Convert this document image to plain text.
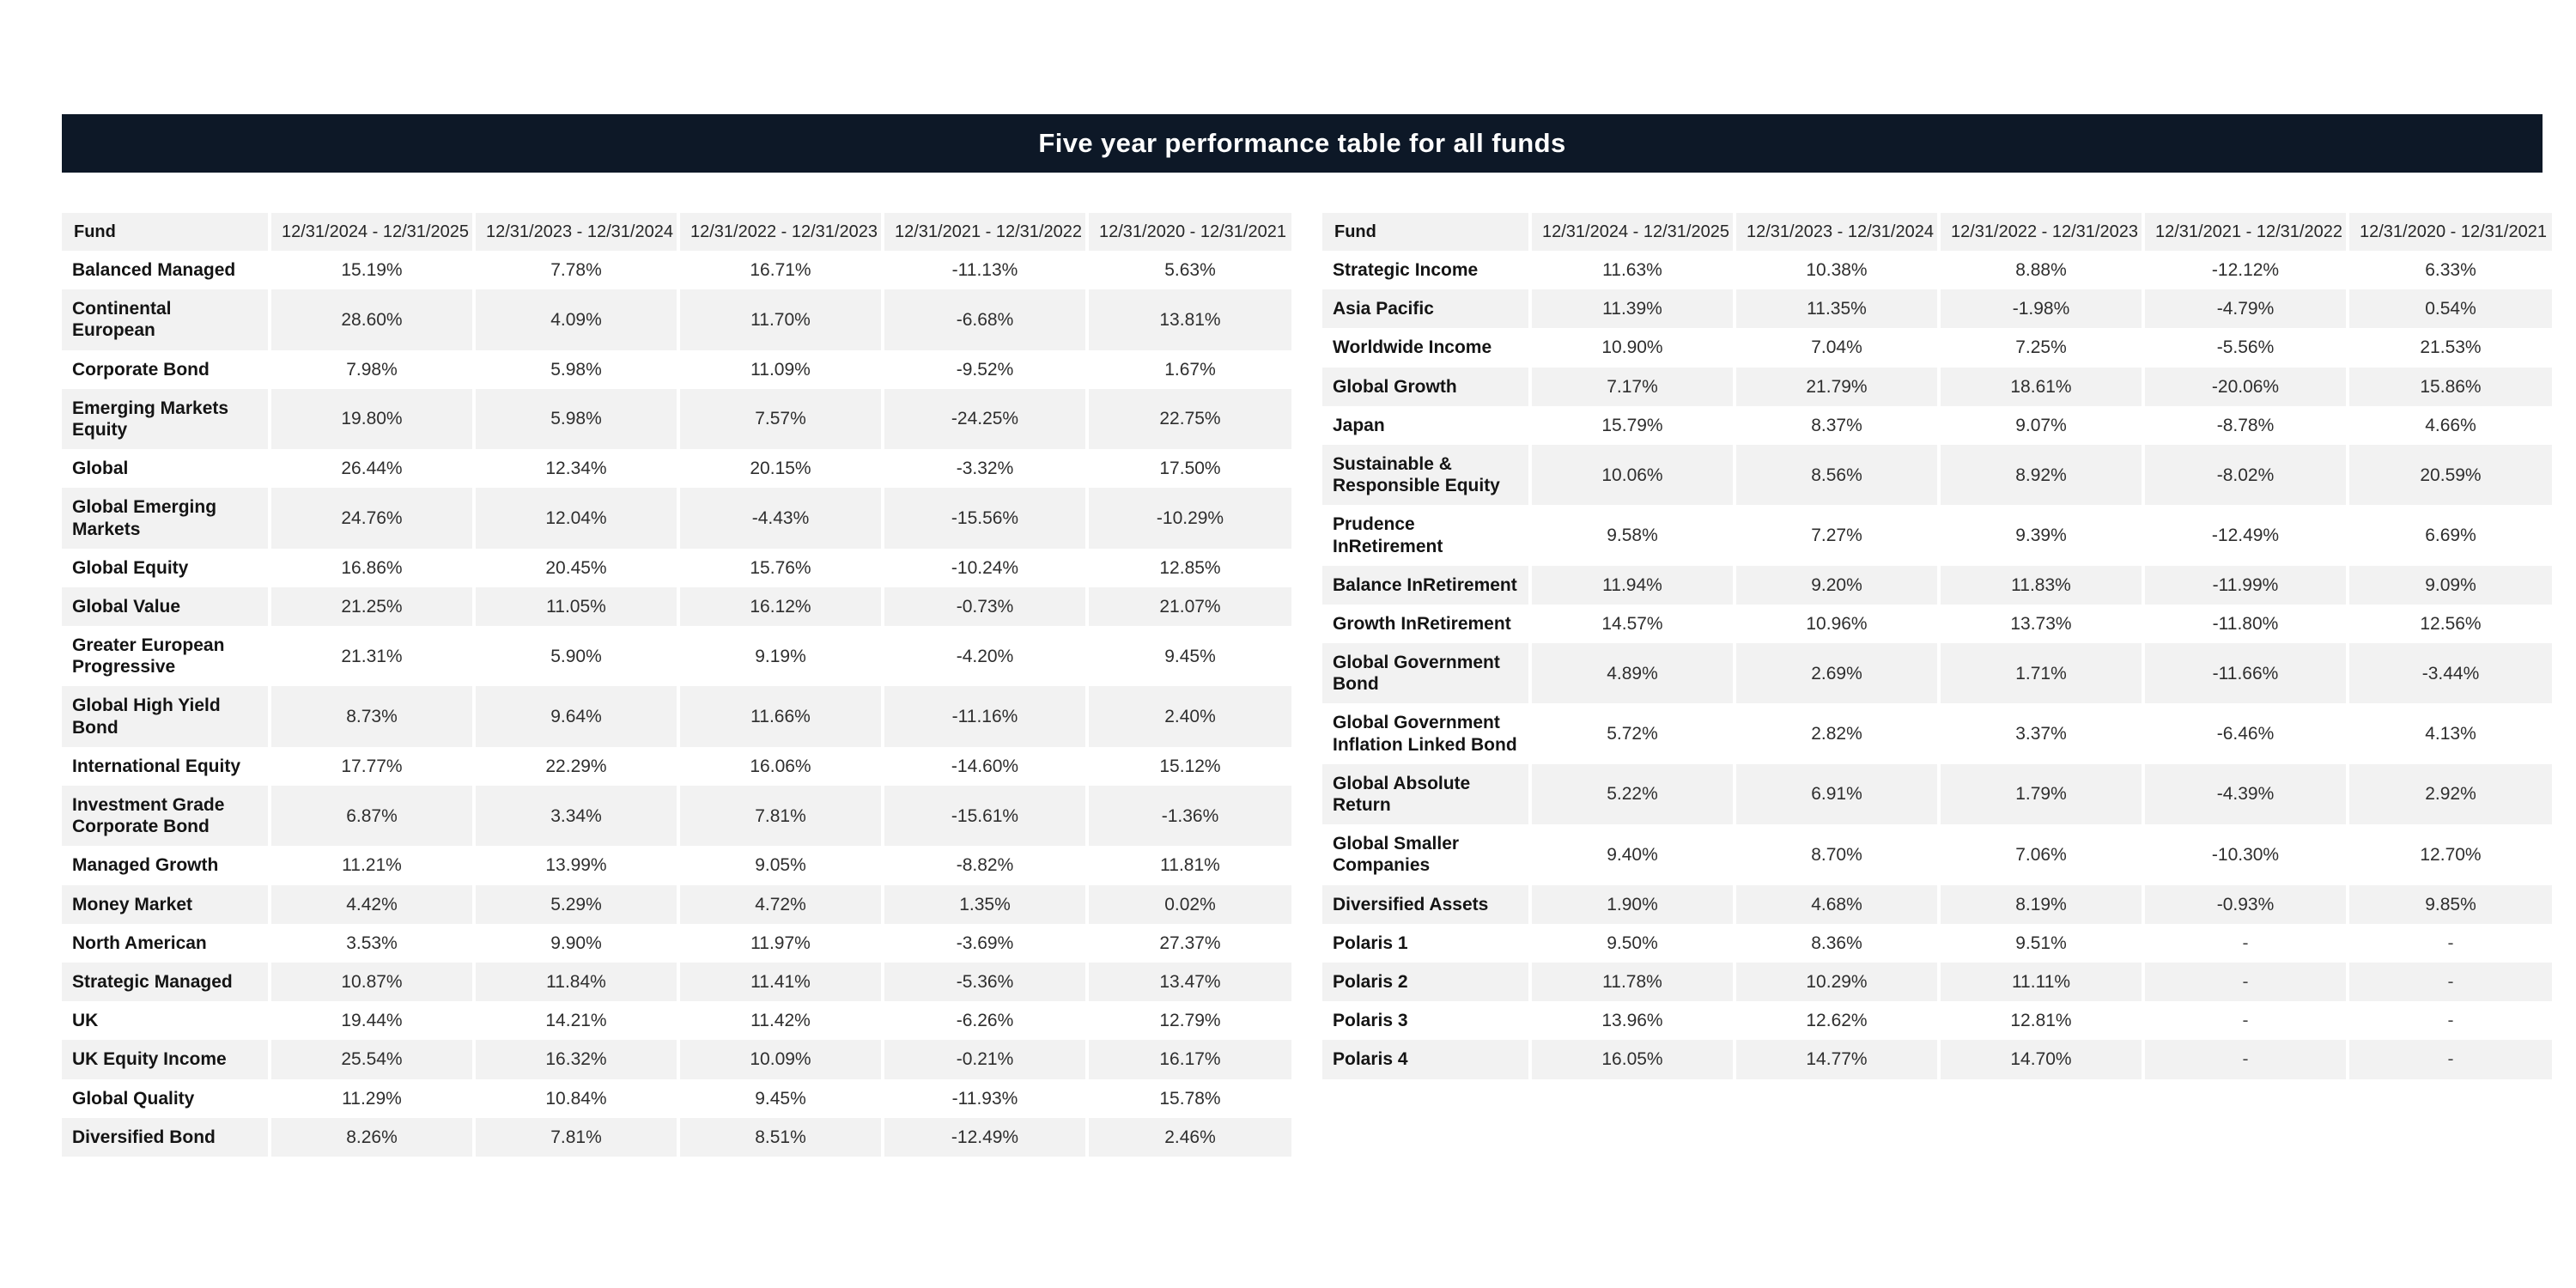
Five year performance table for all funds
Fund	12/31/2024 - 12/31/2025	12/31/2023 - 12/31/2024	12/31/2022 - 12/31/2023	12/31/2021 - 12/31/2022	12/31/2020 - 12/31/2021
Balanced Managed	15.19%	7.78%	16.71%	-11.13%	5.63%
Continental European	28.60%	4.09%	11.70%	-6.68%	13.81%
Corporate Bond	7.98%	5.98%	11.09%	-9.52%	1.67%
Emerging Markets Equity	19.80%	5.98%	7.57%	-24.25%	22.75%
Global	26.44%	12.34%	20.15%	-3.32%	17.50%
Global Emerging Markets	24.76%	12.04%	-4.43%	-15.56%	-10.29%
Global Equity	16.86%	20.45%	15.76%	-10.24%	12.85%
Global Value	21.25%	11.05%	16.12%	-0.73%	21.07%
Greater European Progressive	21.31%	5.90%	9.19%	-4.20%	9.45%
Global High Yield Bond	8.73%	9.64%	11.66%	-11.16%	2.40%
International Equity	17.77%	22.29%	16.06%	-14.60%	15.12%
Investment Grade Corporate Bond	6.87%	3.34%	7.81%	-15.61%	-1.36%
Managed Growth	11.21%	13.99%	9.05%	-8.82%	11.81%
Money Market	4.42%	5.29%	4.72%	1.35%	0.02%
North American	3.53%	9.90%	11.97%	-3.69%	27.37%
Strategic Managed	10.87%	11.84%	11.41%	-5.36%	13.47%
UK	19.44%	14.21%	11.42%	-6.26%	12.79%
UK Equity Income	25.54%	16.32%	10.09%	-0.21%	16.17%
Global Quality	11.29%	10.84%	9.45%	-11.93%	15.78%
Diversified Bond	8.26%	7.81%	8.51%	-12.49%	2.46%
Fund	12/31/2024 - 12/31/2025	12/31/2023 - 12/31/2024	12/31/2022 - 12/31/2023	12/31/2021 - 12/31/2022	12/31/2020 - 12/31/2021
Strategic Income	11.63%	10.38%	8.88%	-12.12%	6.33%
Asia Pacific	11.39%	11.35%	-1.98%	-4.79%	0.54%
Worldwide Income	10.90%	7.04%	7.25%	-5.56%	21.53%
Global Growth	7.17%	21.79%	18.61%	-20.06%	15.86%
Japan	15.79%	8.37%	9.07%	-8.78%	4.66%
Sustainable & Responsible Equity	10.06%	8.56%	8.92%	-8.02%	20.59%
Prudence InRetirement	9.58%	7.27%	9.39%	-12.49%	6.69%
Balance InRetirement	11.94%	9.20%	11.83%	-11.99%	9.09%
Growth InRetirement	14.57%	10.96%	13.73%	-11.80%	12.56%
Global Government Bond	4.89%	2.69%	1.71%	-11.66%	-3.44%
Global Government Inflation Linked Bond	5.72%	2.82%	3.37%	-6.46%	4.13%
Global Absolute Return	5.22%	6.91%	1.79%	-4.39%	2.92%
Global Smaller Companies	9.40%	8.70%	7.06%	-10.30%	12.70%
Diversified Assets	1.90%	4.68%	8.19%	-0.93%	9.85%
Polaris 1	9.50%	8.36%	9.51%	-	-
Polaris 2	11.78%	10.29%	11.11%	-	-
Polaris 3	13.96%	12.62%	12.81%	-	-
Polaris 4	16.05%	14.77%	14.70%	-	-
